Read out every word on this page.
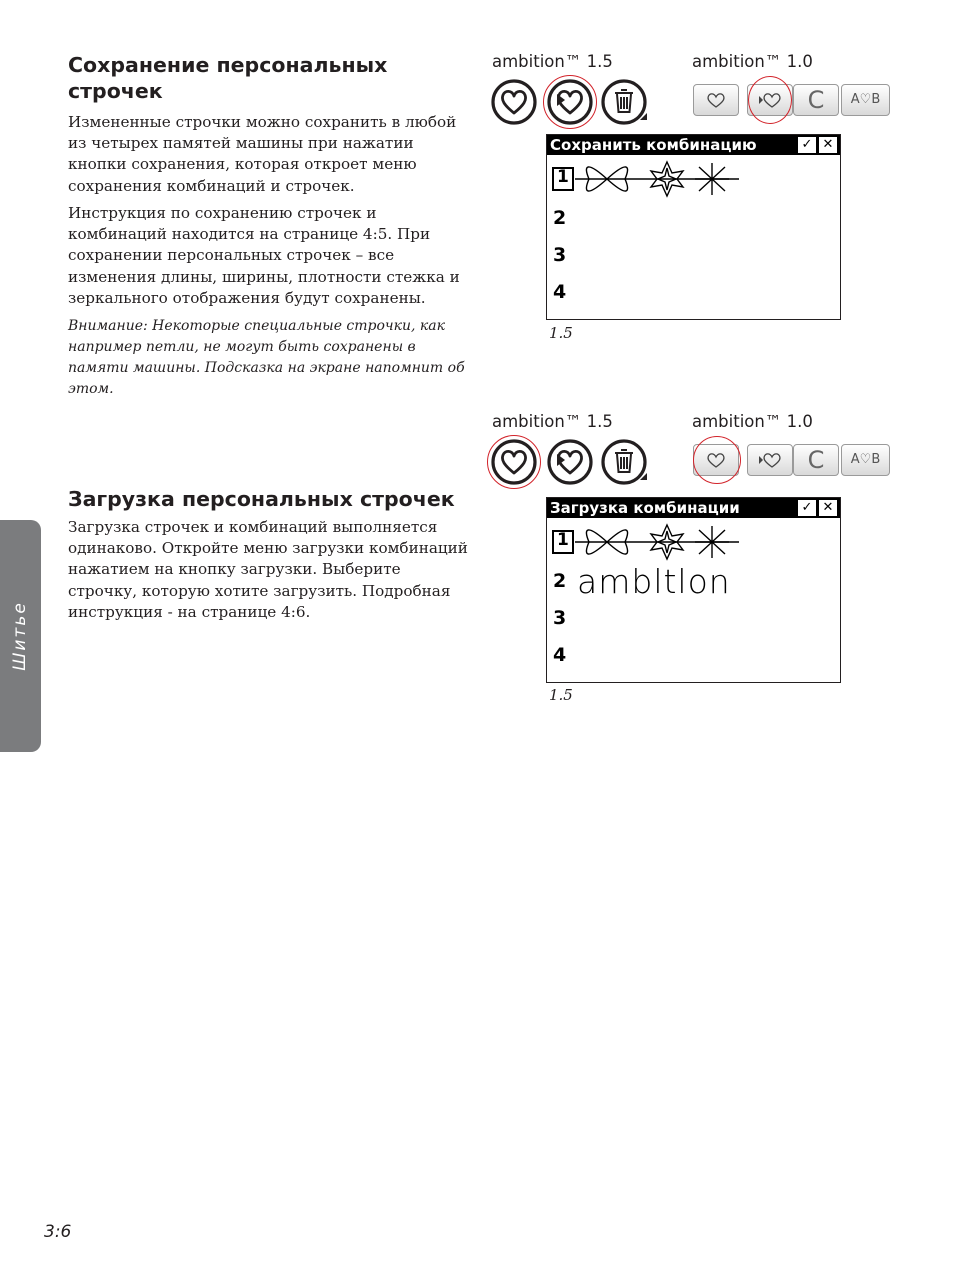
Сохранение персональных строчек

Измененные строчки можно сохранить в любой из четырех памятей машины при нажатии кнопки сохранения, которая откроет меню сохранения комбинаций и строчек.

Инструкция по сохранению строчек и комбинаций находится на странице 4:5. При сохранении персональных строчек – все изменения длины, ширины, плотности стежка и зеркального отображения будут сохранены.

Внимание: Некоторые специальные строчки, как например петли, не могут быть сохранены в памяти машины. Подсказка на экране напомнит об этом.

Загрузка персональных строчек

Загрузка строчек и комбинаций выполняется одинаково. Откройте меню загрузки комбинаций нажатием на кнопку загрузки. Выберите строчку, которую хотите загрузить. Подробная инструкция - на странице 4:6.

ambition™ 1.5	ambition™ 1.0
C	A♡B
Сохранить комбинацию	✓ ✕
1
2
3
4
1.5
ambition™ 1.5	ambition™ 1.0
C	A♡B
Загрузка комбинации	✓ ✕
1
2 ambltlon
3
4
1.5
Шитье
3:6
